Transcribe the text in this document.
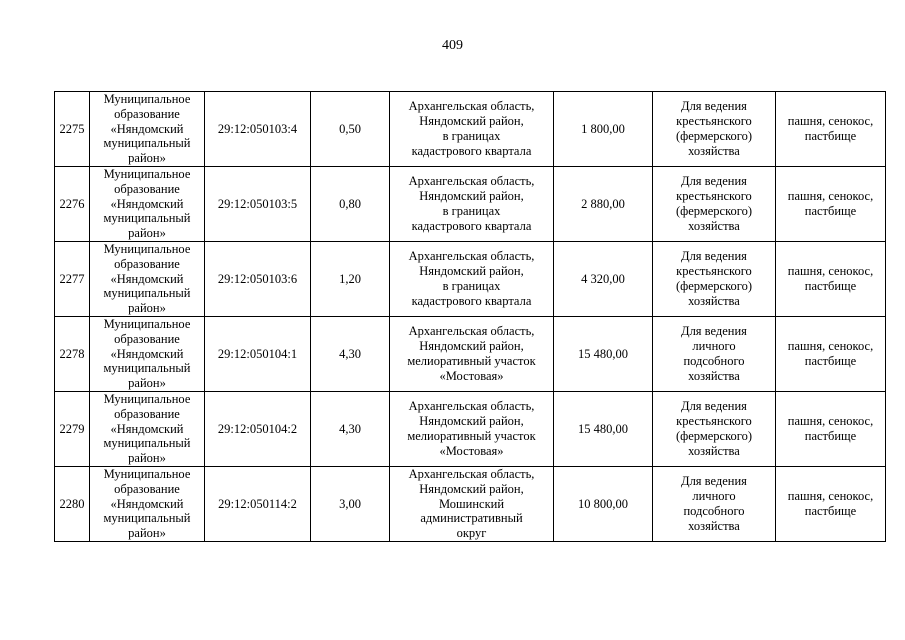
409
2275	Муниципальное
образование
«Няндомский
муниципальный
район»	29:12:050103:4	0,50	Архангельская область,
Няндомский район,
в границах
кадастрового квартала	1 800,00	Для ведения
крестьянского
(фермерского)
хозяйства	пашня, сенокос,
пастбище

2276	Муниципальное
образование
«Няндомский
муниципальный
район»	29:12:050103:5	0,80	Архангельская область,
Няндомский район,
в границах
кадастрового квартала	2 880,00	Для ведения
крестьянского
(фермерского)
хозяйства	пашня, сенокос,
пастбище

2277	Муниципальное
образование
«Няндомский
муниципальный
район»	29:12:050103:6	1,20	Архангельская область,
Няндомский район,
в границах
кадастрового квартала	4 320,00	Для ведения
крестьянского
(фермерского)
хозяйства	пашня, сенокос,
пастбище

2278	Муниципальное
образование
«Няндомский
муниципальный
район»	29:12:050104:1	4,30	Архангельская область,
Няндомский район,
мелиоративный участок
«Мостовая»	15 480,00	Для ведения
личного
подсобного
хозяйства	пашня, сенокос,
пастбище

2279	Муниципальное
образование
«Няндомский
муниципальный
район»	29:12:050104:2	4,30	Архангельская область,
Няндомский район,
мелиоративный участок
«Мостовая»	15 480,00	Для ведения
крестьянского
(фермерского)
хозяйства	пашня, сенокос,
пастбище

2280	Муниципальное
образование
«Няндомский
муниципальный
район»	29:12:050114:2	3,00	Архангельская область,
Няндомский район,
Мошинский
административный
округ	10 800,00	Для ведения
личного
подсобного
хозяйства	пашня, сенокос,
пастбище
